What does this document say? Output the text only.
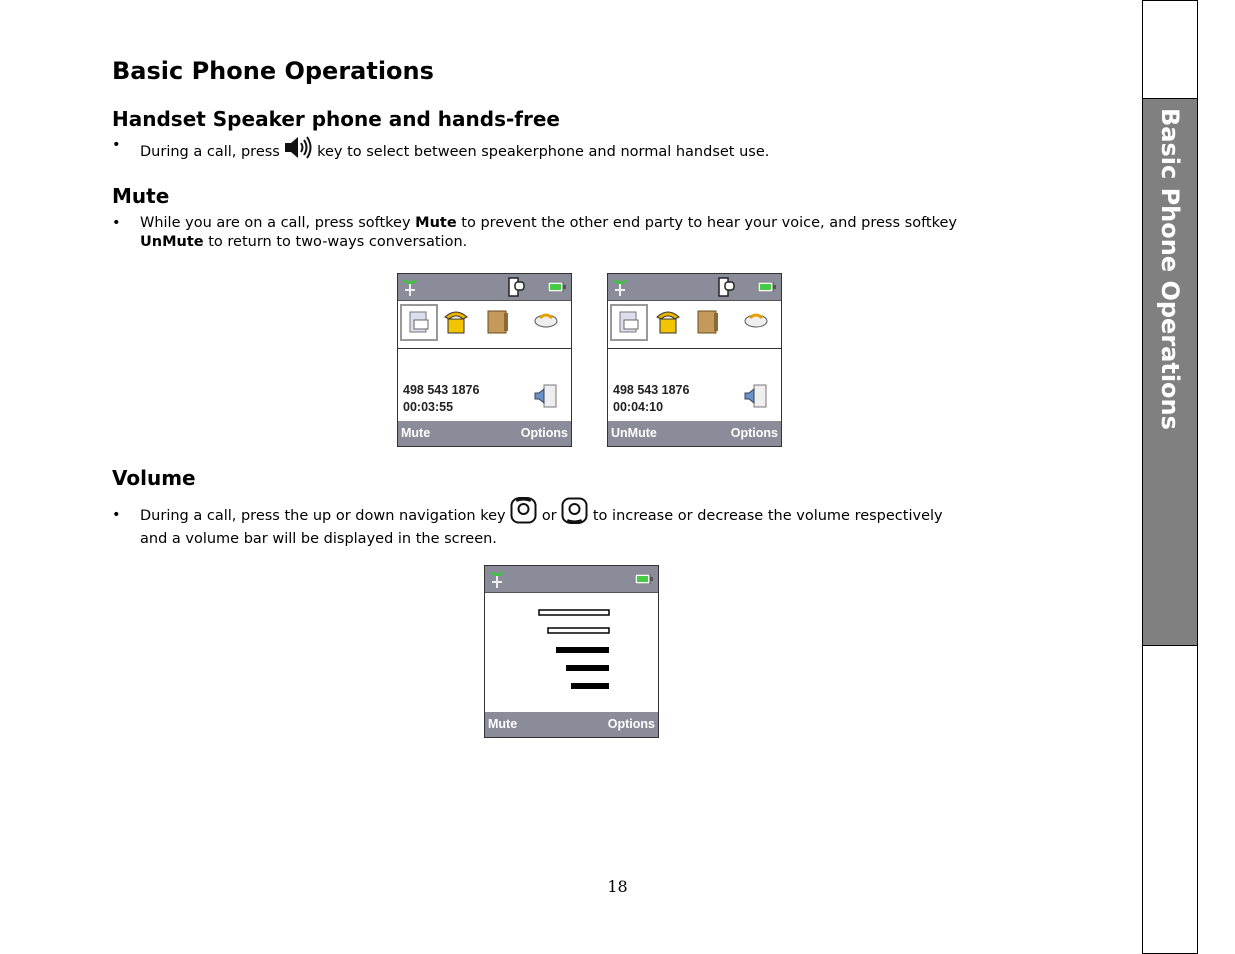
Basic Phone Operations
Handset Speaker phone and hands-free
• During a call, press	key to select between speakerphone and normal handset use.
Mute
• While you are on a call, press softkey Mute to prevent the other end party to hear your voice, and press softkey
UnMute to return to two-ways conversation.
498 543 1876
00:03:55
Mute	Options
498 543 1876
00:04:10
UnMute	Options
Volume
• During a call, press the up or down navigation key or to increase or decrease the volume respectively
and a volume bar will be displayed in the screen.
Mute	Options
18
Basic Phone Operations
